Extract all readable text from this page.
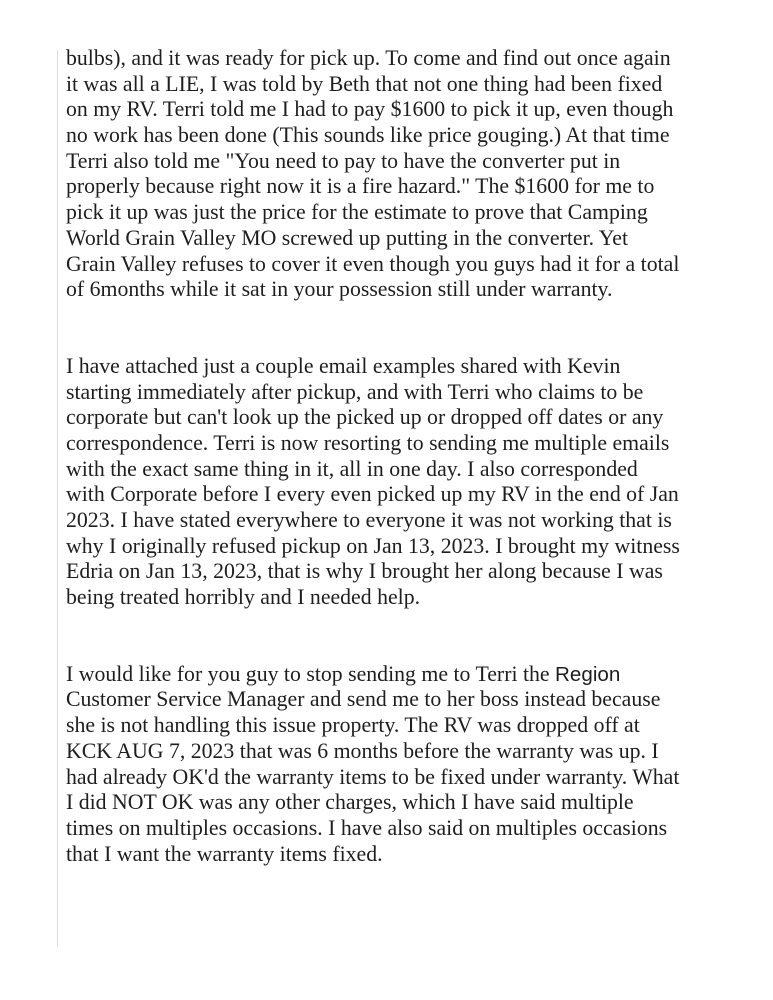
bulbs), and it was ready for pick up. To come and find out once again
it was all a LIE, I was told by Beth that not one thing had been fixed
on my RV. Terri told me I had to pay $1600 to pick it up, even though
no work has been done (This sounds like price gouging.) At that time
Terri also told me "You need to pay to have the converter put in
properly because right now it is a fire hazard." The $1600 for me to
pick it up was just the price for the estimate to prove that Camping
World Grain Valley MO screwed up putting in the converter. Yet
Grain Valley refuses to cover it even though you guys had it for a total
of 6months while it sat in your possession still under warranty.
I have attached just a couple email examples shared with Kevin
starting immediately after pickup, and with Terri who claims to be
corporate but can't look up the picked up or dropped off dates or any
correspondence. Terri is now resorting to sending me multiple emails
with the exact same thing in it, all in one day. I also corresponded
with Corporate before I every even picked up my RV in the end of Jan
2023. I have stated everywhere to everyone it was not working that is
why I originally refused pickup on Jan 13, 2023. I brought my witness
Edria on Jan 13, 2023, that is why I brought her along because I was
being treated horribly and I needed help.
I would like for you guy to stop sending me to Terri the Region
Customer Service Manager and send me to her boss instead because
she is not handling this issue property. The RV was dropped off at
KCK AUG 7, 2023 that was 6 months before the warranty was up. I
had already OK'd the warranty items to be fixed under warranty. What
I did NOT OK was any other charges, which I have said multiple
times on multiples occasions. I have also said on multiples occasions
that I want the warranty items fixed.
